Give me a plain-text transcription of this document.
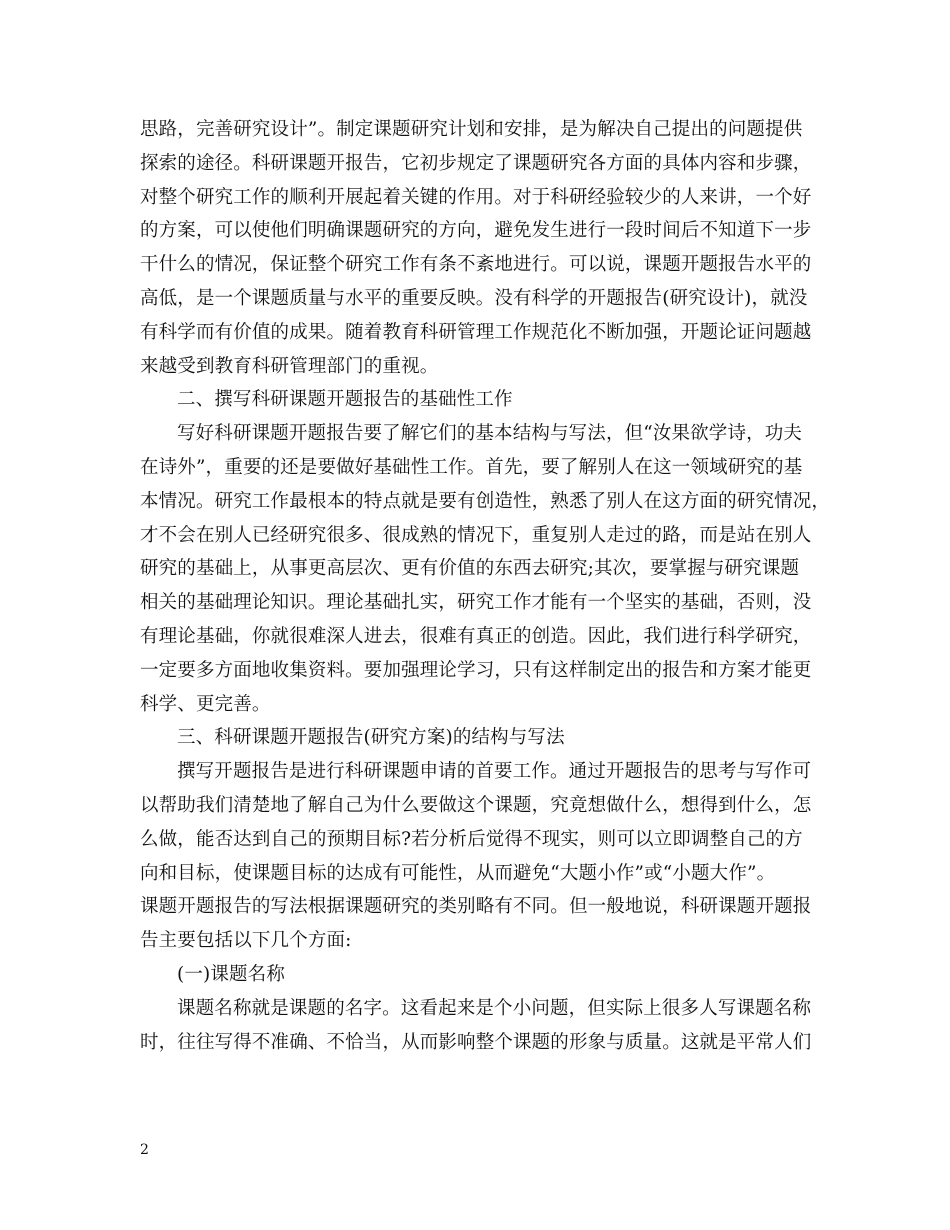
思路，完善研究设计”。制定课题研究计划和安排，是为解决自己提出的问题提供
探索的途径。科研课题开报告，它初步规定了课题研究各方面的具体内容和步骤，
对整个研究工作的顺利开展起着关键的作用。对于科研经验较少的人来讲，一个好
的方案，可以使他们明确课题研究的方向，避免发生进行一段时间后不知道下一步
干什么的情况，保证整个研究工作有条不紊地进行。可以说，课题开题报告水平的
高低，是一个课题质量与水平的重要反映。没有科学的开题报告(研究设计)，就没
有科学而有价值的成果。随着教育科研管理工作规范化不断加强，开题论证问题越
来越受到教育科研管理部门的重视。
二、撰写科研课题开题报告的基础性工作
写好科研课题开题报告要了解它们的基本结构与写法，但“汝果欲学诗，功夫
在诗外”，重要的还是要做好基础性工作。首先，要了解别人在这一领域研究的基
本情况。研究工作最根本的特点就是要有创造性，熟悉了别人在这方面的研究情况，
才不会在别人已经研究很多、很成熟的情况下，重复别人走过的路，而是站在别人
研究的基础上，从事更高层次、更有价值的东西去研究;其次，要掌握与研究课题
相关的基础理论知识。理论基础扎实，研究工作才能有一个坚实的基础，否则，没
有理论基础，你就很难深人进去，很难有真正的创造。因此，我们进行科学研究，
一定要多方面地收集资料。要加强理论学习，只有这样制定出的报告和方案才能更
科学、更完善。
三、科研课题开题报告(研究方案)的结构与写法
撰写开题报告是进行科研课题申请的首要工作。通过开题报告的思考与写作可
以帮助我们清楚地了解自己为什么要做这个课题，究竟想做什么，想得到什么，怎
么做，能否达到自己的预期目标?若分析后觉得不现实，则可以立即调整自己的方
向和目标，使课题目标的达成有可能性，从而避免“大题小作”或“小题大作”。
课题开题报告的写法根据课题研究的类别略有不同。但一般地说，科研课题开题报
告主要包括以下几个方面:
(一)课题名称
课题名称就是课题的名字。这看起来是个小问题，但实际上很多人写课题名称
时，往往写得不准确、不恰当，从而影响整个课题的形象与质量。这就是平常人们
2
